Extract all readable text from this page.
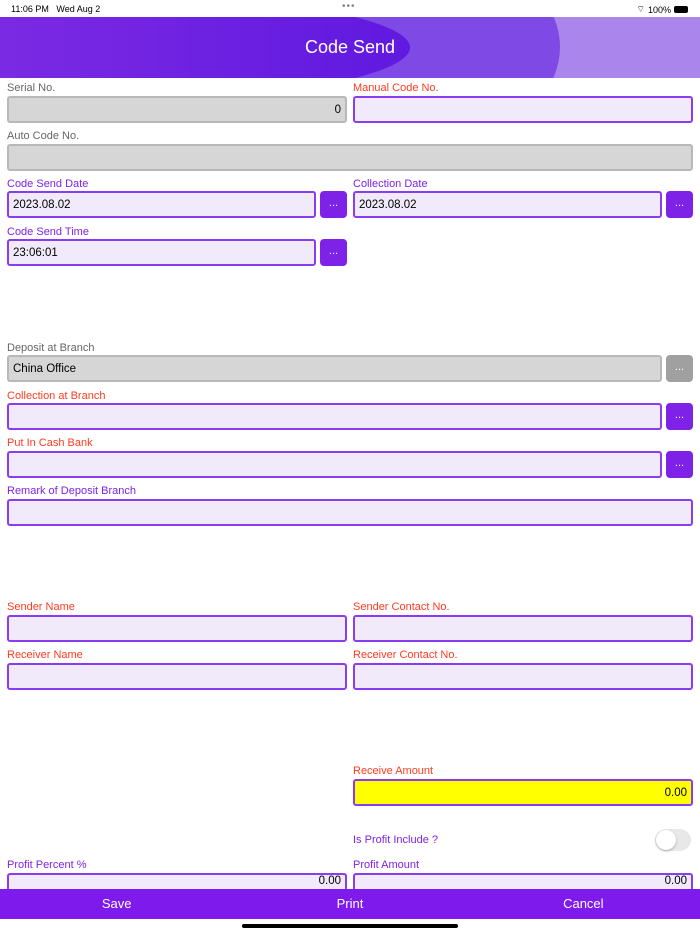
11:06 PM Wed Aug 2	•••	⌔ 100%
Code Send
Serial No.
0
Manual Code No.
Auto Code No.
Code Send Date
2023.08.02	...
Collection Date
2023.08.02	...
Code Send Time
23:06:01	...
Deposit at Branch
China Office	...
Collection at Branch
...
Put In Cash Bank
...
Remark of Deposit Branch
Sender Name	Sender Contact No.
Receiver Name	Receiver Contact No.
Receive Amount
0.00
Is Profit Include ?
Profit Percent %
0.00
Profit Amount
0.00
Save	Print	Cancel
